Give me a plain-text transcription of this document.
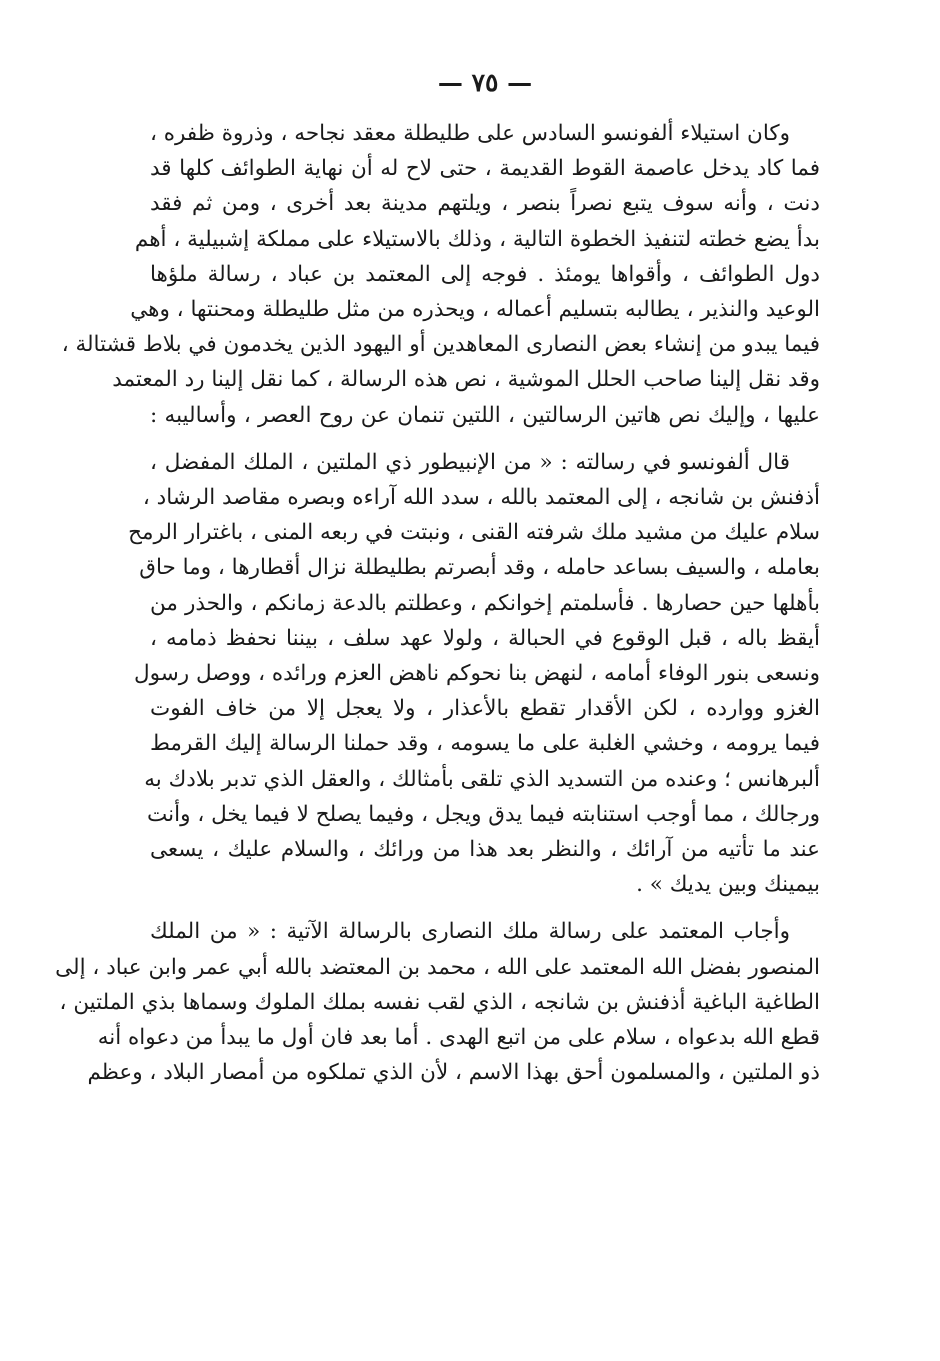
— ٧٥ —

وكان استيلاء ألفونسو السادس على طليطلة معقد نجاحه ، وذروة ظفره ،
فما كاد يدخل عاصمة القوط القديمة ، حتى لاح له أن نهاية الطوائف كلها قد
دنت ، وأنه سوف يتبع نصراً بنصر ، ويلتهم مدينة بعد أخرى ، ومن ثم فقد
بدأ يضع خطته لتنفيذ الخطوة التالية ، وذلك بالاستيلاء على مملكة إشبيلية ، أهم
دول الطوائف ، وأقواها يومئذ . فوجه إلى المعتمد بن عباد ، رسالة ملؤها
الوعيد والنذير ، يطالبه بتسليم أعماله ، ويحذره من مثل طليطلة ومحنتها ، وهي
فيما يبدو من إنشاء بعض النصارى المعاهدين أو اليهود الذين يخدمون في بلاط قشتالة ،
وقد نقل إلينا صاحب الحلل الموشية ، نص هذه الرسالة ، كما نقل إلينا رد المعتمد
عليها ، وإليك نص هاتين الرسالتين ، اللتين تنمان عن روح العصر ، وأساليبه :

قال ألفونسو في رسالته : « من الإنبيطور ذي الملتين ، الملك المفضل ،
أذفنش بن شانجه ، إلى المعتمد بالله ، سدد الله آراءه وبصره مقاصد الرشاد ،
سلام عليك من مشيد ملك شرفته القنى ، ونبتت في ربعه المنى ، باغترار الرمح
بعامله ، والسيف بساعد حامله ، وقد أبصرتم بطليطلة نزال أقطارها ، وما حاق
بأهلها حين حصارها . فأسلمتم إخوانكم ، وعطلتم بالدعة زمانكم ، والحذر من
أيقظ باله ، قبل الوقوع في الحبالة ، ولولا عهد سلف ، بيننا نحفظ ذمامه ،
ونسعى بنور الوفاء أمامه ، لنهض بنا نحوكم ناهض العزم ورائده ، ووصل رسول
الغزو ووارده ، لكن الأقدار تقطع بالأعذار ، ولا يعجل إلا من خاف الفوت
فيما يرومه ، وخشي الغلبة على ما يسومه ، وقد حملنا الرسالة إليك القرمط
ألبرهانس ؛ وعنده من التسديد الذي تلقى بأمثالك ، والعقل الذي تدبر بلادك به
ورجالك ، مما أوجب استنابته فيما يدق ويجل ، وفيما يصلح لا فيما يخل ، وأنت
عند ما تأتيه من آرائك ، والنظر بعد هذا من ورائك ، والسلام عليك ، يسعى
بيمينك وبين يديك » .

وأجاب المعتمد على رسالة ملك النصارى بالرسالة الآتية : « من الملك
المنصور بفضل الله المعتمد على الله ، محمد بن المعتضد بالله أبي عمر وابن عباد ، إلى
الطاغية الباغية أذفنش بن شانجه ، الذي لقب نفسه بملك الملوك وسماها بذي الملتين ،
قطع الله بدعواه ، سلام على من اتبع الهدى . أما بعد فان أول ما يبدأ من دعواه أنه
ذو الملتين ، والمسلمون أحق بهذا الاسم ، لأن الذي تملكوه من أمصار البلاد ، وعظم
